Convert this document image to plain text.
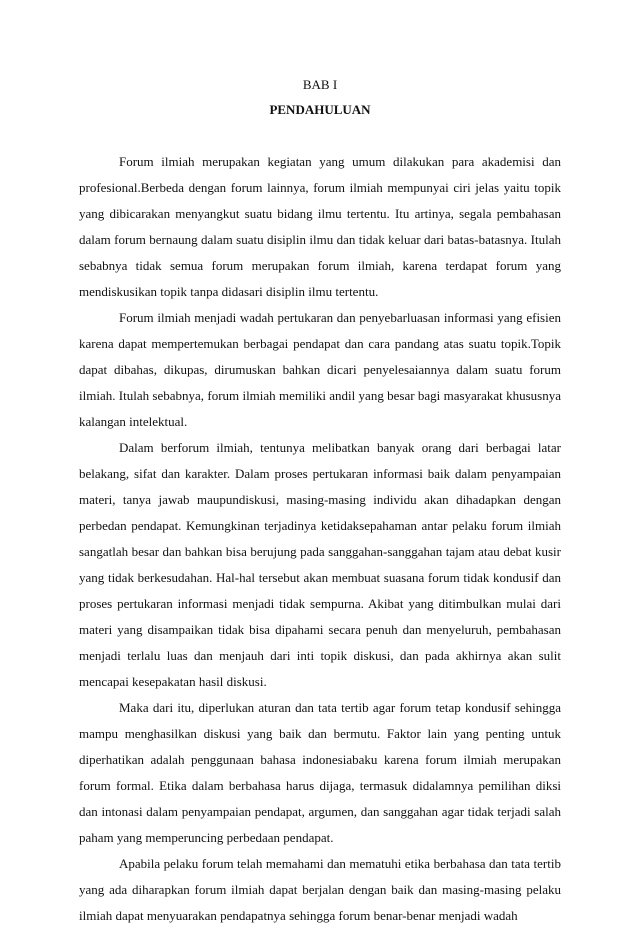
BAB I
PENDAHULUAN

Forum ilmiah merupakan kegiatan yang umum dilakukan para akademisi dan profesional.Berbeda dengan forum lainnya, forum ilmiah mempunyai ciri jelas yaitu topik yang dibicarakan menyangkut suatu bidang ilmu tertentu. Itu artinya, segala pembahasan dalam forum bernaung dalam suatu disiplin ilmu dan tidak keluar dari batas-batasnya. Itulah sebabnya tidak semua forum merupakan forum ilmiah, karena terdapat forum yang mendiskusikan topik tanpa didasari disiplin ilmu tertentu.

Forum ilmiah menjadi wadah pertukaran dan penyebarluasan informasi yang efisien karena dapat mempertemukan berbagai pendapat dan cara pandang atas suatu topik.Topik dapat dibahas, dikupas, dirumuskan bahkan dicari penyelesaiannya dalam suatu forum ilmiah. Itulah sebabnya, forum ilmiah memiliki andil yang besar bagi masyarakat khususnya kalangan intelektual.

Dalam berforum ilmiah, tentunya melibatkan banyak orang dari berbagai latar belakang, sifat dan karakter. Dalam proses pertukaran informasi baik dalam penyampaian materi, tanya jawab maupundiskusi, masing-masing individu akan dihadapkan dengan perbedan pendapat. Kemungkinan terjadinya ketidaksepahaman antar pelaku forum ilmiah sangatlah besar dan bahkan bisa berujung pada sanggahan-sanggahan tajam atau debat kusir yang tidak berkesudahan. Hal-hal tersebut akan membuat suasana forum tidak kondusif dan proses pertukaran informasi menjadi tidak sempurna. Akibat yang ditimbulkan mulai dari materi yang disampaikan tidak bisa dipahami secara penuh dan menyeluruh, pembahasan menjadi terlalu luas dan menjauh dari inti topik diskusi, dan pada akhirnya akan sulit mencapai kesepakatan hasil diskusi.

Maka dari itu, diperlukan aturan dan tata tertib agar forum tetap kondusif sehingga mampu menghasilkan diskusi yang baik dan bermutu. Faktor lain yang penting untuk diperhatikan adalah penggunaan bahasa indonesiabaku karena forum ilmiah merupakan forum formal. Etika dalam berbahasa harus dijaga, termasuk didalamnya pemilihan diksi dan intonasi dalam penyampaian pendapat, argumen, dan sanggahan agar tidak terjadi salah paham yang memperuncing perbedaan pendapat.

Apabila pelaku forum telah memahami dan mematuhi etika berbahasa dan tata tertib yang ada diharapkan forum ilmiah dapat berjalan dengan baik dan masing-masing pelaku ilmiah dapat menyuarakan pendapatnya sehingga forum benar-benar menjadi wadah
